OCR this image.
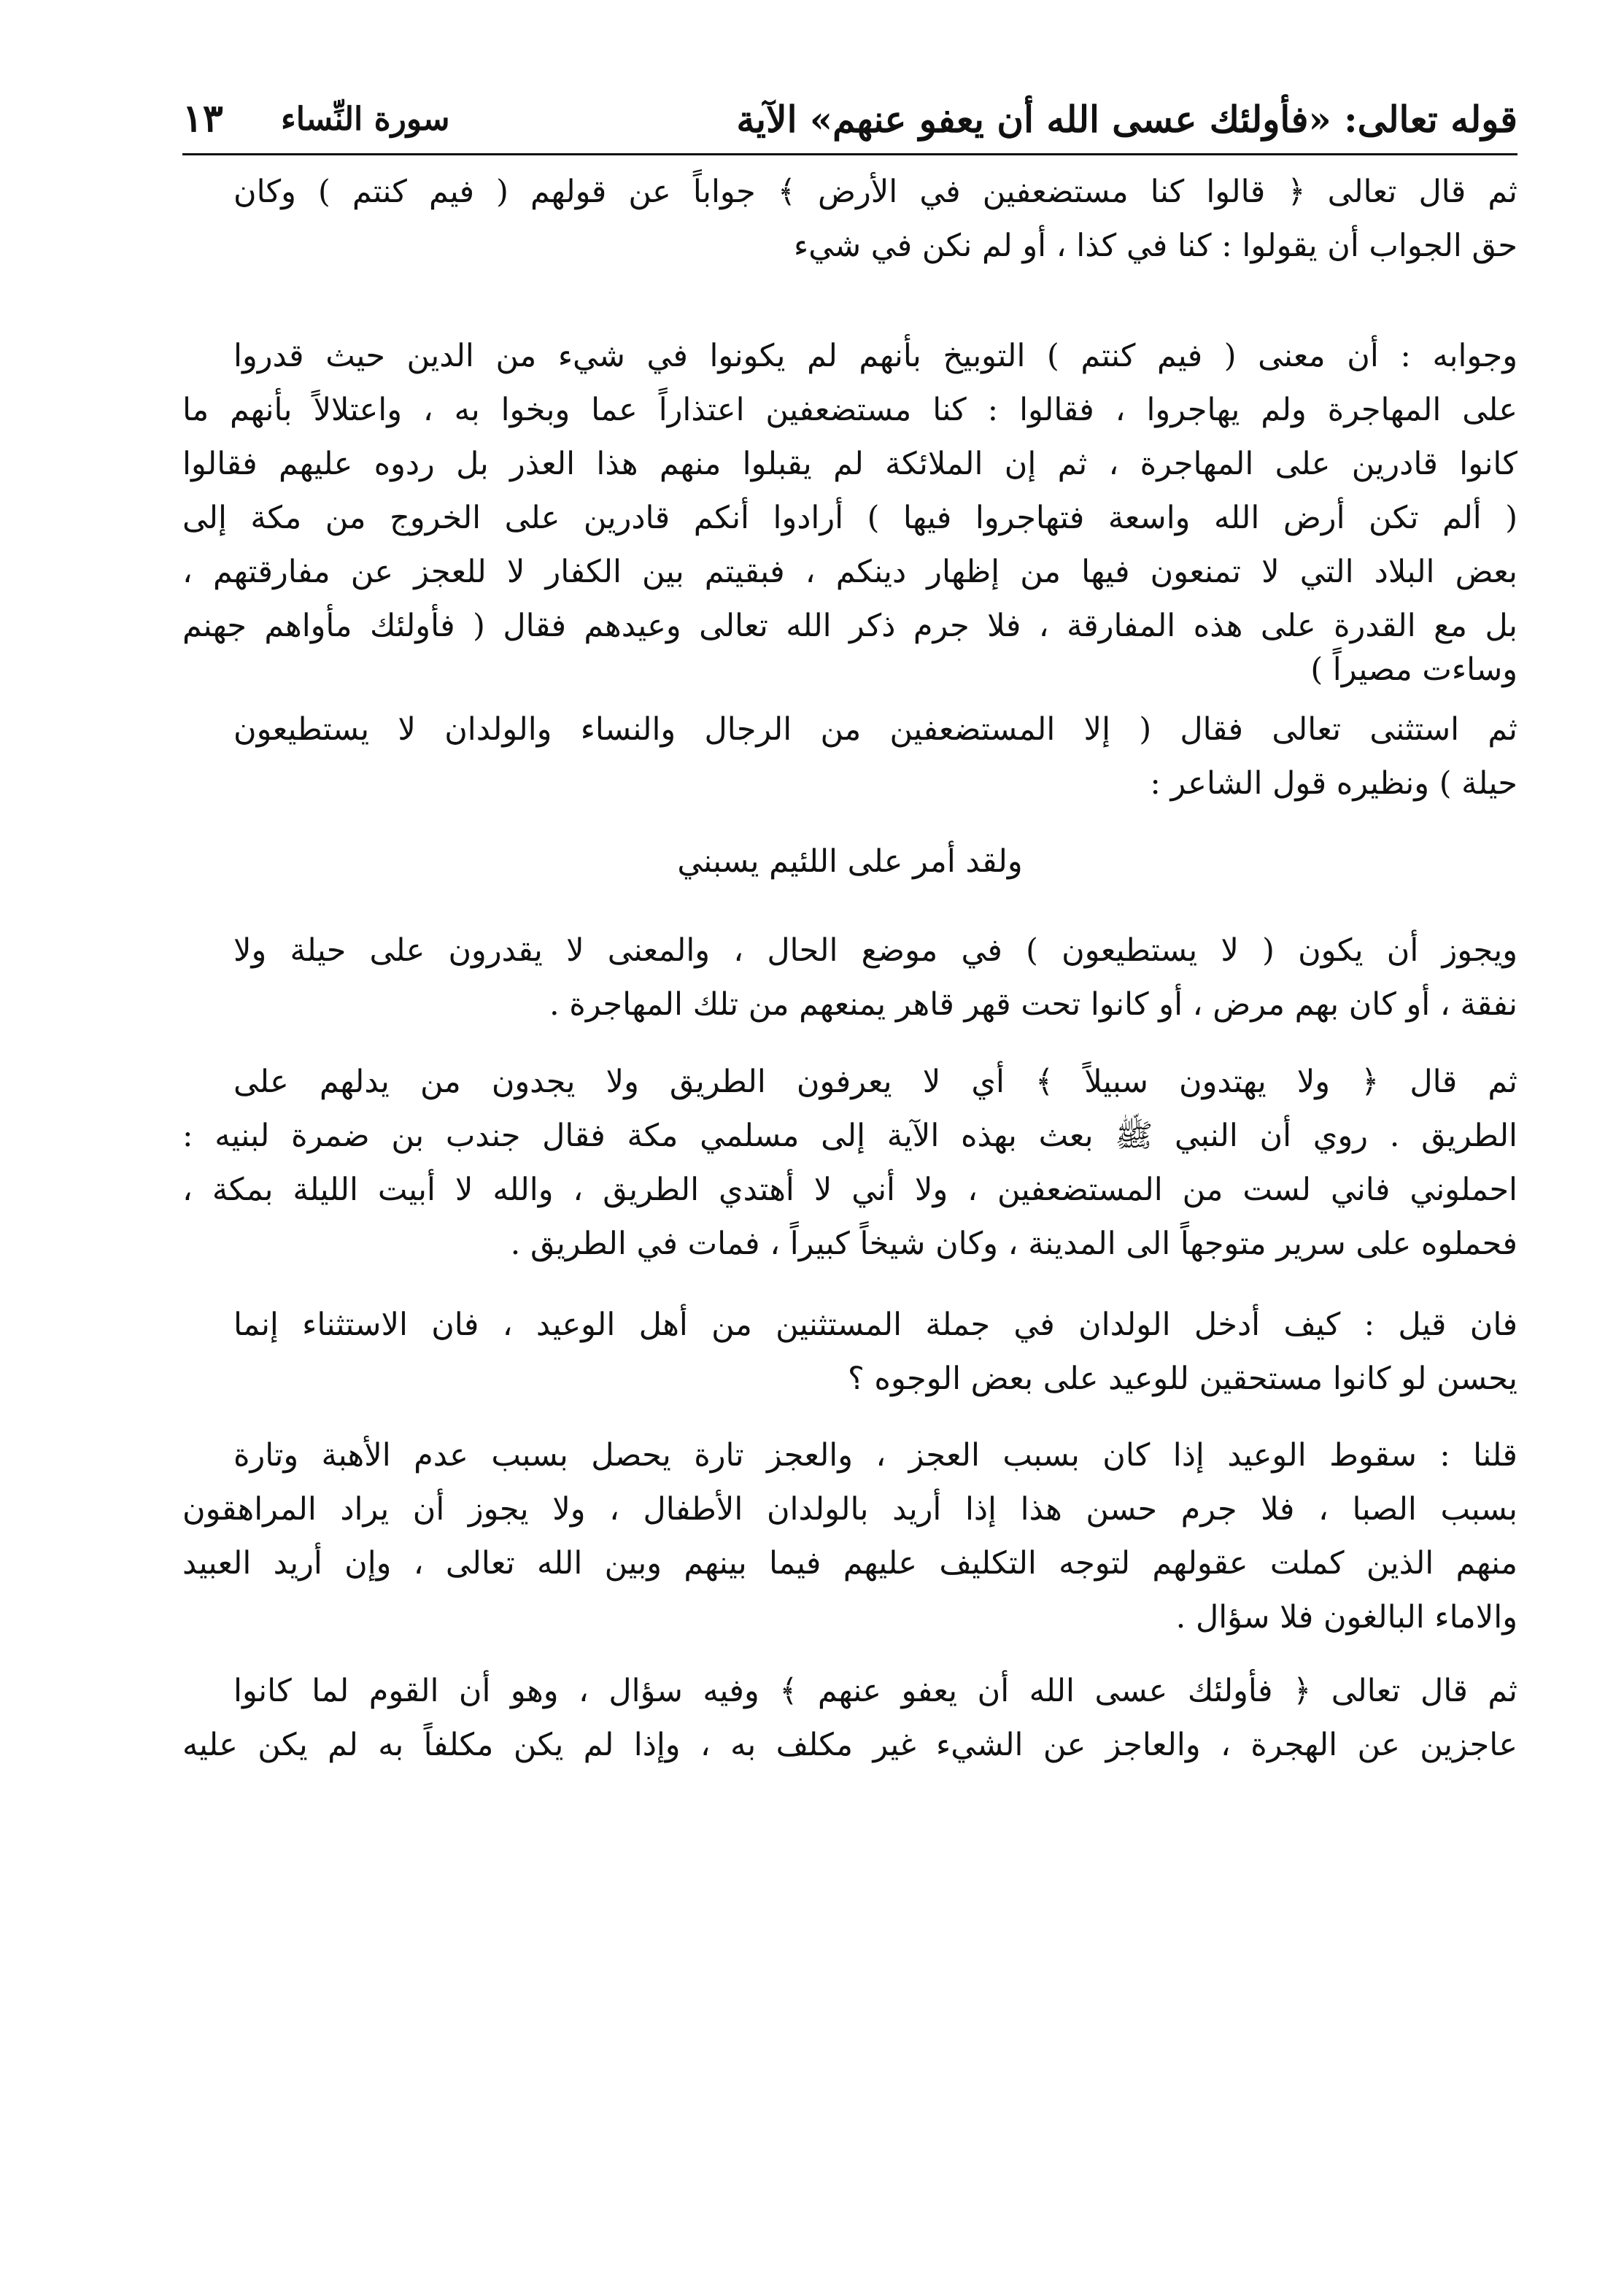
قوله تعالى: «فأولئك عسى الله أن يعفو عنهم» الآية
سورة النِّساء
١٣
ثم قال تعالى ﴿ قالوا كنا مستضعفين في الأرض ﴾ جواباً عن قولهم ( فيم كنتم ) وكان
حق الجواب أن يقولوا : كنا في كذا ، أو لم نكن في شيء
وجوابه : أن معنى ( فيم كنتم ) التوبيخ بأنهم لم يكونوا في شيء من الدين حيث قدروا
على المهاجرة ولم يهاجروا ، فقالوا : كنا مستضعفين اعتذاراً عما وبخوا به ، واعتلالاً بأنهم ما
كانوا قادرين على المهاجرة ، ثم إن الملائكة لم يقبلوا منهم هذا العذر بل ردوه عليهم فقالوا
( ألم تكن أرض الله واسعة فتهاجروا فيها ) أرادوا أنكم قادرين على الخروج من مكة إلى
بعض البلاد التي لا تمنعون فيها من إظهار دينكم ، فبقيتم بين الكفار لا للعجز عن مفارقتهم ،
بل مع القدرة على هذه المفارقة ، فلا جرم ذكر الله تعالى وعيدهم فقال ( فأولئك مأواهم جهنم
وساءت مصيراً )
ثم استثنى تعالى فقال ( إلا المستضعفين من الرجال والنساء والولدان لا يستطيعون
حيلة ) ونظيره قول الشاعر :
ولقد أمر على اللئيم يسبني
ويجوز أن يكون ( لا يستطيعون ) في موضع الحال ، والمعنى لا يقدرون على حيلة ولا
نفقة ، أو كان بهم مرض ، أو كانوا تحت قهر قاهر يمنعهم من تلك المهاجرة .
ثم قال ﴿ ولا يهتدون سبيلاً ﴾ أي لا يعرفون الطريق ولا يجدون من يدلهم على
الطريق . روي أن النبي ﷺ بعث بهذه الآية إلى مسلمي مكة فقال جندب بن ضمرة لبنيه :
احملوني فاني لست من المستضعفين ، ولا أني لا أهتدي الطريق ، والله لا أبيت الليلة بمكة ،
فحملوه على سرير متوجهاً الى المدينة ، وكان شيخاً كبيراً ، فمات في الطريق .
فان قيل : كيف أدخل الولدان في جملة المستثنين من أهل الوعيد ، فان الاستثناء إنما
يحسن لو كانوا مستحقين للوعيد على بعض الوجوه ؟
قلنا : سقوط الوعيد إذا كان بسبب العجز ، والعجز تارة يحصل بسبب عدم الأهبة وتارة
بسبب الصبا ، فلا جرم حسن هذا إذا أريد بالولدان الأطفال ، ولا يجوز أن يراد المراهقون
منهم الذين كملت عقولهم لتوجه التكليف عليهم فيما بينهم وبين الله تعالى ، وإن أريد العبيد
والاماء البالغون فلا سؤال .
ثم قال تعالى ﴿ فأولئك عسى الله أن يعفو عنهم ﴾ وفيه سؤال ، وهو أن القوم لما كانوا
عاجزين عن الهجرة ، والعاجز عن الشيء غير مكلف به ، وإذا لم يكن مكلفاً به لم يكن عليه
